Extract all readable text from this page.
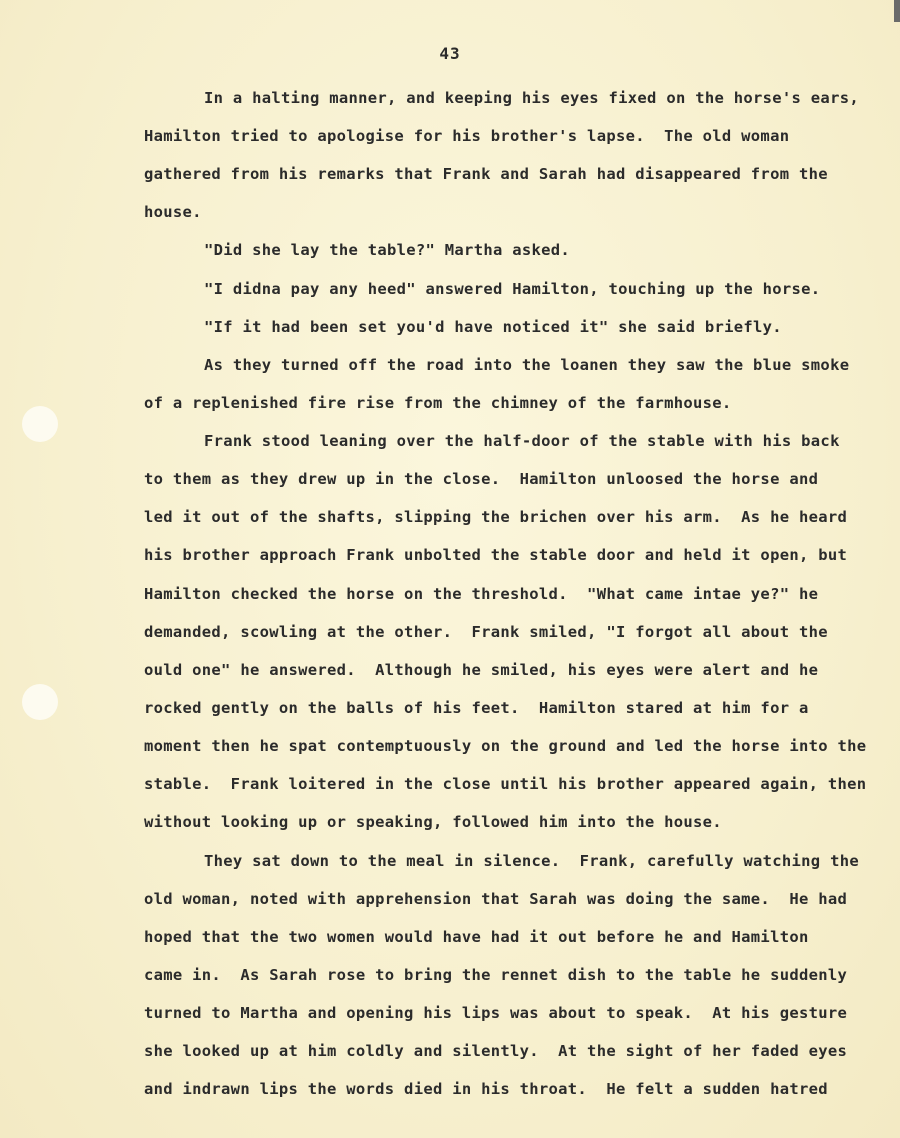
43
In a halting manner, and keeping his eyes fixed on the horse's ears,
Hamilton tried to apologise for his brother's lapse.  The old woman
gathered from his remarks that Frank and Sarah had disappeared from the
house.
"Did she lay the table?" Martha asked.
"I didna pay any heed" answered Hamilton, touching up the horse.
"If it had been set you'd have noticed it" she said briefly.
As they turned off the road into the loanen they saw the blue smoke
of a replenished fire rise from the chimney of the farmhouse.
Frank stood leaning over the half-door of the stable with his back
to them as they drew up in the close.  Hamilton unloosed the horse and
led it out of the shafts, slipping the brichen over his arm.  As he heard
his brother approach Frank unbolted the stable door and held it open, but
Hamilton checked the horse on the threshold.  "What came intae ye?" he
demanded, scowling at the other.  Frank smiled, "I forgot all about the
ould one" he answered.  Although he smiled, his eyes were alert and he
rocked gently on the balls of his feet.  Hamilton stared at him for a
moment then he spat contemptuously on the ground and led the horse into the
stable.  Frank loitered in the close until his brother appeared again, then
without looking up or speaking, followed him into the house.
They sat down to the meal in silence.  Frank, carefully watching the
old woman, noted with apprehension that Sarah was doing the same.  He had
hoped that the two women would have had it out before he and Hamilton
came in.  As Sarah rose to bring the rennet dish to the table he suddenly
turned to Martha and opening his lips was about to speak.  At his gesture
she looked up at him coldly and silently.  At the sight of her faded eyes
and indrawn lips the words died in his throat.  He felt a sudden hatred
